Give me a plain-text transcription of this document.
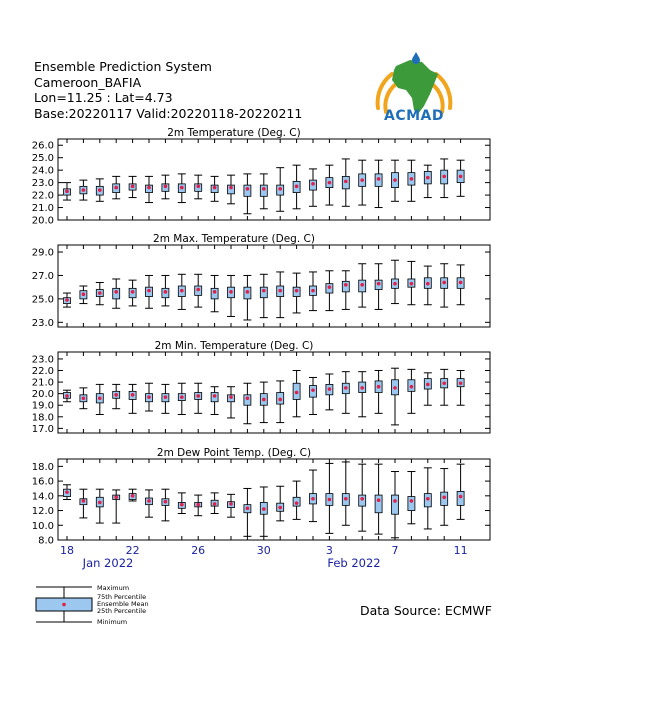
Ensemble Prediction System
Cameroon_BAFIA
Lon=11.25 : Lat=4.73
Base:20220117 Valid:20220118-20220211	ACMAD
2m Temperature (Deg. C)
26.0
25.0
24.0
23.0
22.0
21.0
20.0
2m Max. Temperature (Deg. C)
29.0
27.0
25.0
23.0
2m Min. Temperature (Deg. C)
23.0
22.0
21.0
20.0
19.0
18.0
17.0
2m Dew Point Temp. (Deg. C)
18.0
16.0
14.0
12.0
10.0
8.0
18	22	26	30	3	7	11
Jan 2022	Feb 2022
Maximum
75th Percentile
Ensemble Mean
25th Percentile
Minimum
Data Source: ECMWF
